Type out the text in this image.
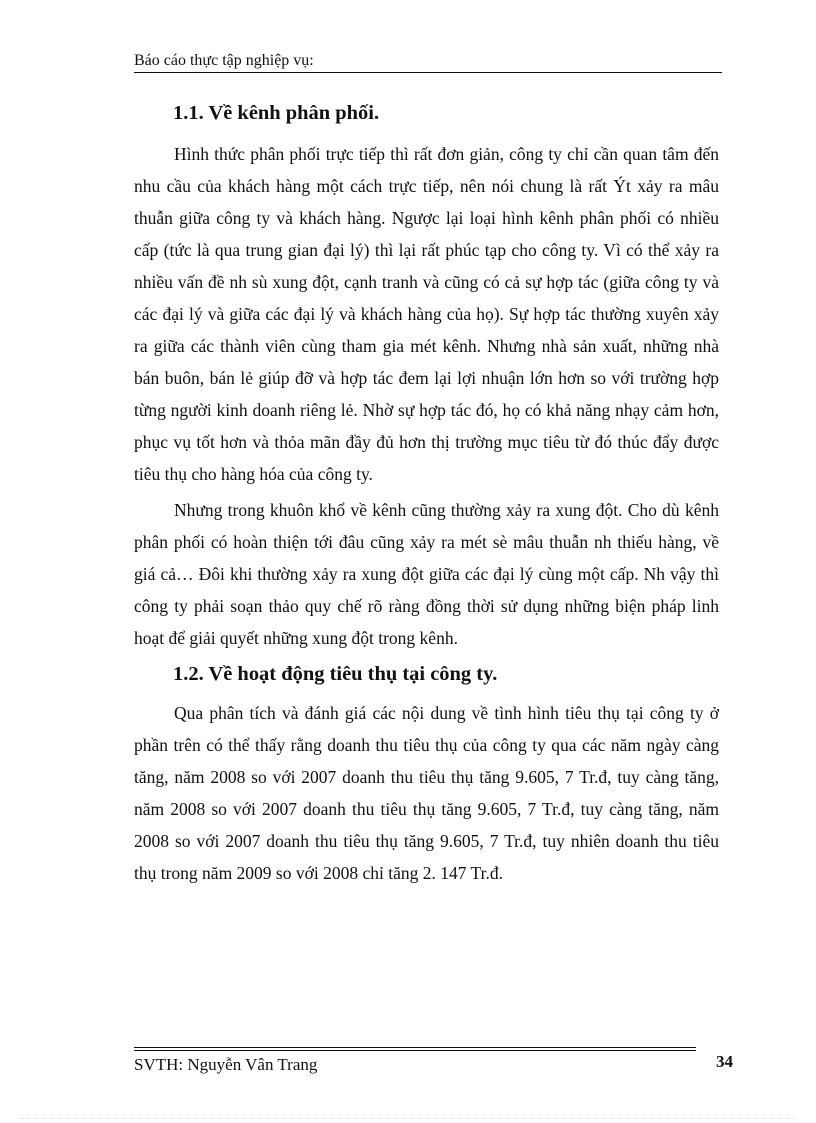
Báo cáo thực tập nghiệp vụ:
1.1. Về kênh phân phối.

Hình thức phân phối trực tiếp thì rất đơn giản, công ty chỉ cần quan tâm đến nhu cầu của khách hàng một cách trực tiếp, nên nói chung là rất Ýt xảy ra mâu thuẫn giữa công ty và khách hàng. Ngược lại loại hình kênh phân phối có nhiều cấp (tức là qua trung gian đại lý) thì lại rất phúc tạp cho công ty. Vì có thể xảy ra nhiều vấn đề nh sù xung đột, cạnh tranh và cũng có cả sự hợp tác (giữa công ty và các đại lý và giữa các đại lý và khách hàng của họ). Sự hợp tác thường xuyên xảy ra giữa các thành viên cùng tham gia mét kênh. Nhưng nhà sản xuất, những nhà bán buôn, bán lẻ giúp đỡ và hợp tác đem lại lợi nhuận lớn hơn so với trường hợp từng người kinh doanh riêng lẻ. Nhờ sự hợp tác đó, họ có khả năng nhạy cảm hơn, phục vụ tốt hơn và thỏa mãn đầy đủ hơn thị trường mục tiêu từ đó thúc đẩy được tiêu thụ cho hàng hóa của công ty.

Nhưng trong khuôn khổ về kênh cũng thường xảy ra xung đột. Cho dù kênh phân phối có hoàn thiện tới đâu cũng xảy ra mét sè mâu thuẫn nh thiếu hàng, về giá cả… Đôi khi thường xảy ra xung đột giữa các đại lý cùng một cấp. Nh vậy thì công ty phải soạn thảo quy chế rõ ràng đồng thời sử dụng những biện pháp linh hoạt để giải quyết những xung đột trong kênh.

1.2. Về hoạt động tiêu thụ tại công ty.

Qua phân tích và đánh giá các nội dung về tình hình tiêu thụ tại công ty ở phần trên có thể thấy rằng doanh thu tiêu thụ của công ty qua các năm ngày càng tăng, năm 2008 so với 2007 doanh thu tiêu thụ tăng 9.605, 7 Tr.đ, tuy càng tăng, năm 2008 so với 2007 doanh thu tiêu thụ tăng 9.605, 7 Tr.đ, tuy càng tăng, năm 2008 so với 2007 doanh thu tiêu thụ tăng 9.605, 7 Tr.đ, tuy nhiên doanh thu tiêu thụ trong năm 2009 so với 2008 chỉ tăng 2. 147 Tr.đ.

SVTH: Nguyễn Vân Trang	34
